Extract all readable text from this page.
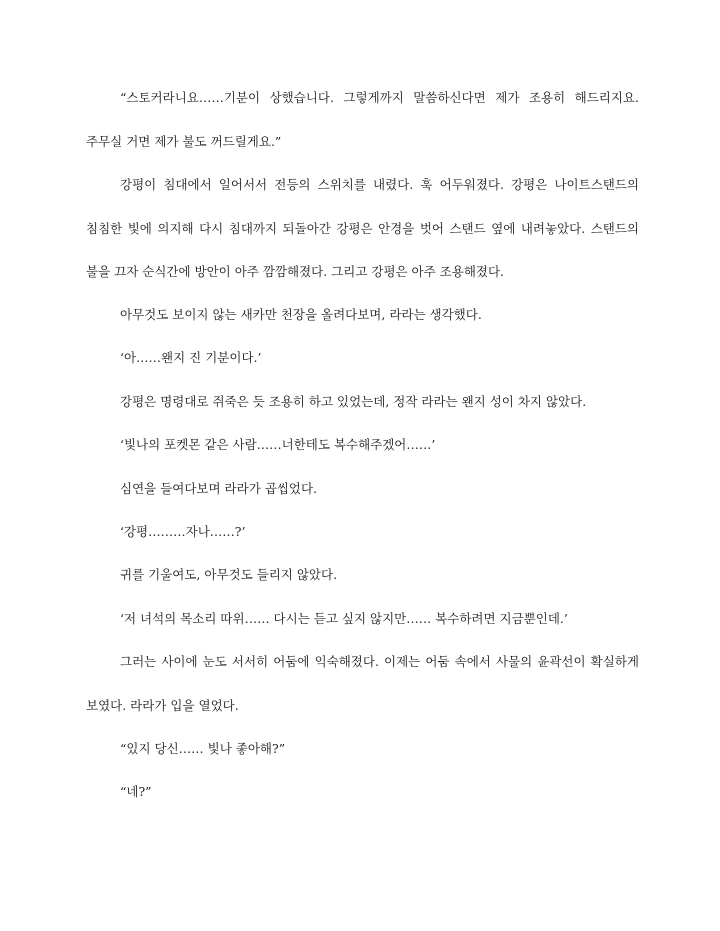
“스토커라니요……기분이 상했습니다. 그렇게까지 말씀하신다면 제가 조용히 해드리지요. 주무실 거면 제가 불도 꺼드릴게요.”

강평이 침대에서 일어서서 전등의 스위치를 내렸다. 훅 어두워졌다. 강평은 나이트스탠드의 침침한 빛에 의지해 다시 침대까지 되돌아간 강평은 안경을 벗어 스탠드 옆에 내려놓았다. 스탠드의 불을 끄자 순식간에 방안이 아주 깜깜해졌다. 그리고 강평은 아주 조용해졌다.

아무것도 보이지 않는 새카만 천장을 올려다보며, 라라는 생각했다.

‘아……왠지 진 기분이다.’

강평은 명령대로 쥐죽은 듯 조용히 하고 있었는데, 정작 라라는 왠지 성이 차지 않았다.

‘빛나의 포켓몬 같은 사람……너한테도 복수해주겠어……’

심연을 들여다보며 라라가 곱씹었다.

‘강평………자나……?’

귀를 기울여도, 아무것도 들리지 않았다.

‘저 녀석의 목소리 따위…… 다시는 듣고 싶지 않지만…… 복수하려면 지금뿐인데.’

그러는 사이에 눈도 서서히 어둠에 익숙해졌다. 이제는 어둠 속에서 사물의 윤곽선이 확실하게 보였다. 라라가 입을 열었다.

“있지 당신…… 빛나 좋아해?”

“네?”
